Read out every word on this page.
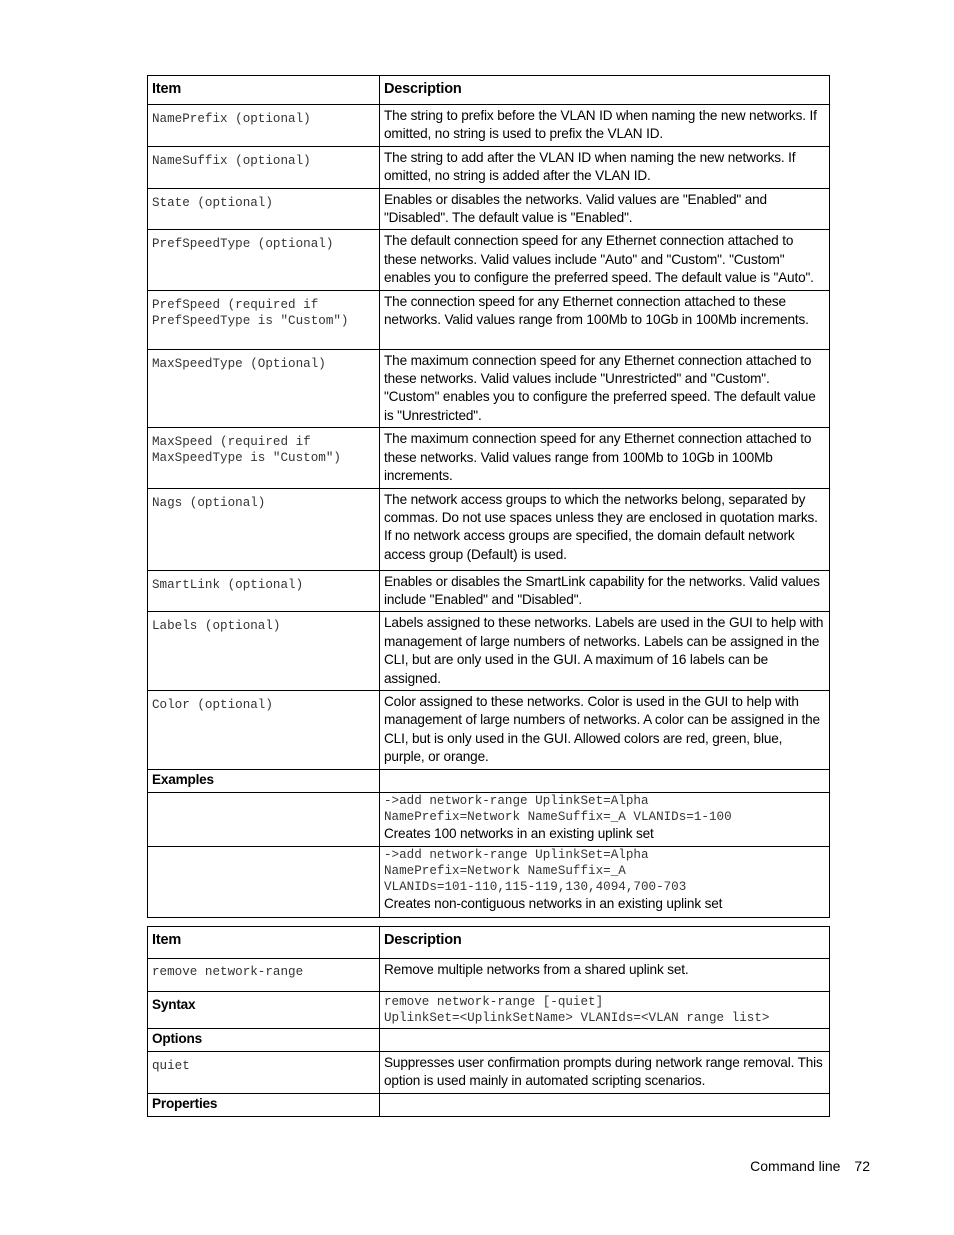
Item	Description
NamePrefix (optional)	The string to prefix before the VLAN ID when naming the new networks. If omitted, no string is used to prefix the VLAN ID.
NameSuffix (optional)	The string to add after the VLAN ID when naming the new networks. If omitted, no string is added after the VLAN ID.
State (optional)	Enables or disables the networks. Valid values are "Enabled" and "Disabled". The default value is "Enabled".
PrefSpeedType (optional)	The default connection speed for any Ethernet connection attached to these networks. Valid values include "Auto" and "Custom". "Custom" enables you to configure the preferred speed. The default value is "Auto".
PrefSpeed (required if PrefSpeedType is "Custom")	The connection speed for any Ethernet connection attached to these networks. Valid values range from 100Mb to 10Gb in 100Mb increments.
MaxSpeedType (Optional)	The maximum connection speed for any Ethernet connection attached to these networks. Valid values include "Unrestricted" and "Custom". "Custom" enables you to configure the preferred speed. The default value is "Unrestricted".
MaxSpeed (required if MaxSpeedType is "Custom")	The maximum connection speed for any Ethernet connection attached to these networks. Valid values range from 100Mb to 10Gb in 100Mb increments.
Nags (optional)	The network access groups to which the networks belong, separated by commas. Do not use spaces unless they are enclosed in quotation marks. If no network access groups are specified, the domain default network access group (Default) is used.
SmartLink (optional)	Enables or disables the SmartLink capability for the networks. Valid values include "Enabled" and "Disabled".
Labels (optional)	Labels assigned to these networks. Labels are used in the GUI to help with management of large numbers of networks. Labels can be assigned in the CLI, but are only used in the GUI. A maximum of 16 labels can be assigned.
Color (optional)	Color assigned to these networks. Color is used in the GUI to help with management of large numbers of networks. A color can be assigned in the CLI, but is only used in the GUI. Allowed colors are red, green, blue, purple, or orange.
Examples	

	->add network-range UplinkSet=Alpha
NamePrefix=Network NameSuffix=_A VLANIDs=1-100
Creates 100 networks in an existing uplink set

	->add network-range UplinkSet=Alpha
NamePrefix=Network NameSuffix=_A
VLANIDs=101-110,115-119,130,4094,700-703
Creates non-contiguous networks in an existing uplink set
Item	Description
remove network-range	Remove multiple networks from a shared uplink set.
Syntax	remove network-range [-quiet]
UplinkSet=<UplinkSetName> VLANIds=<VLAN range list>
Options	
quiet	Suppresses user confirmation prompts during network range removal. This option is used mainly in automated scripting scenarios.
Properties	
Command line 72
